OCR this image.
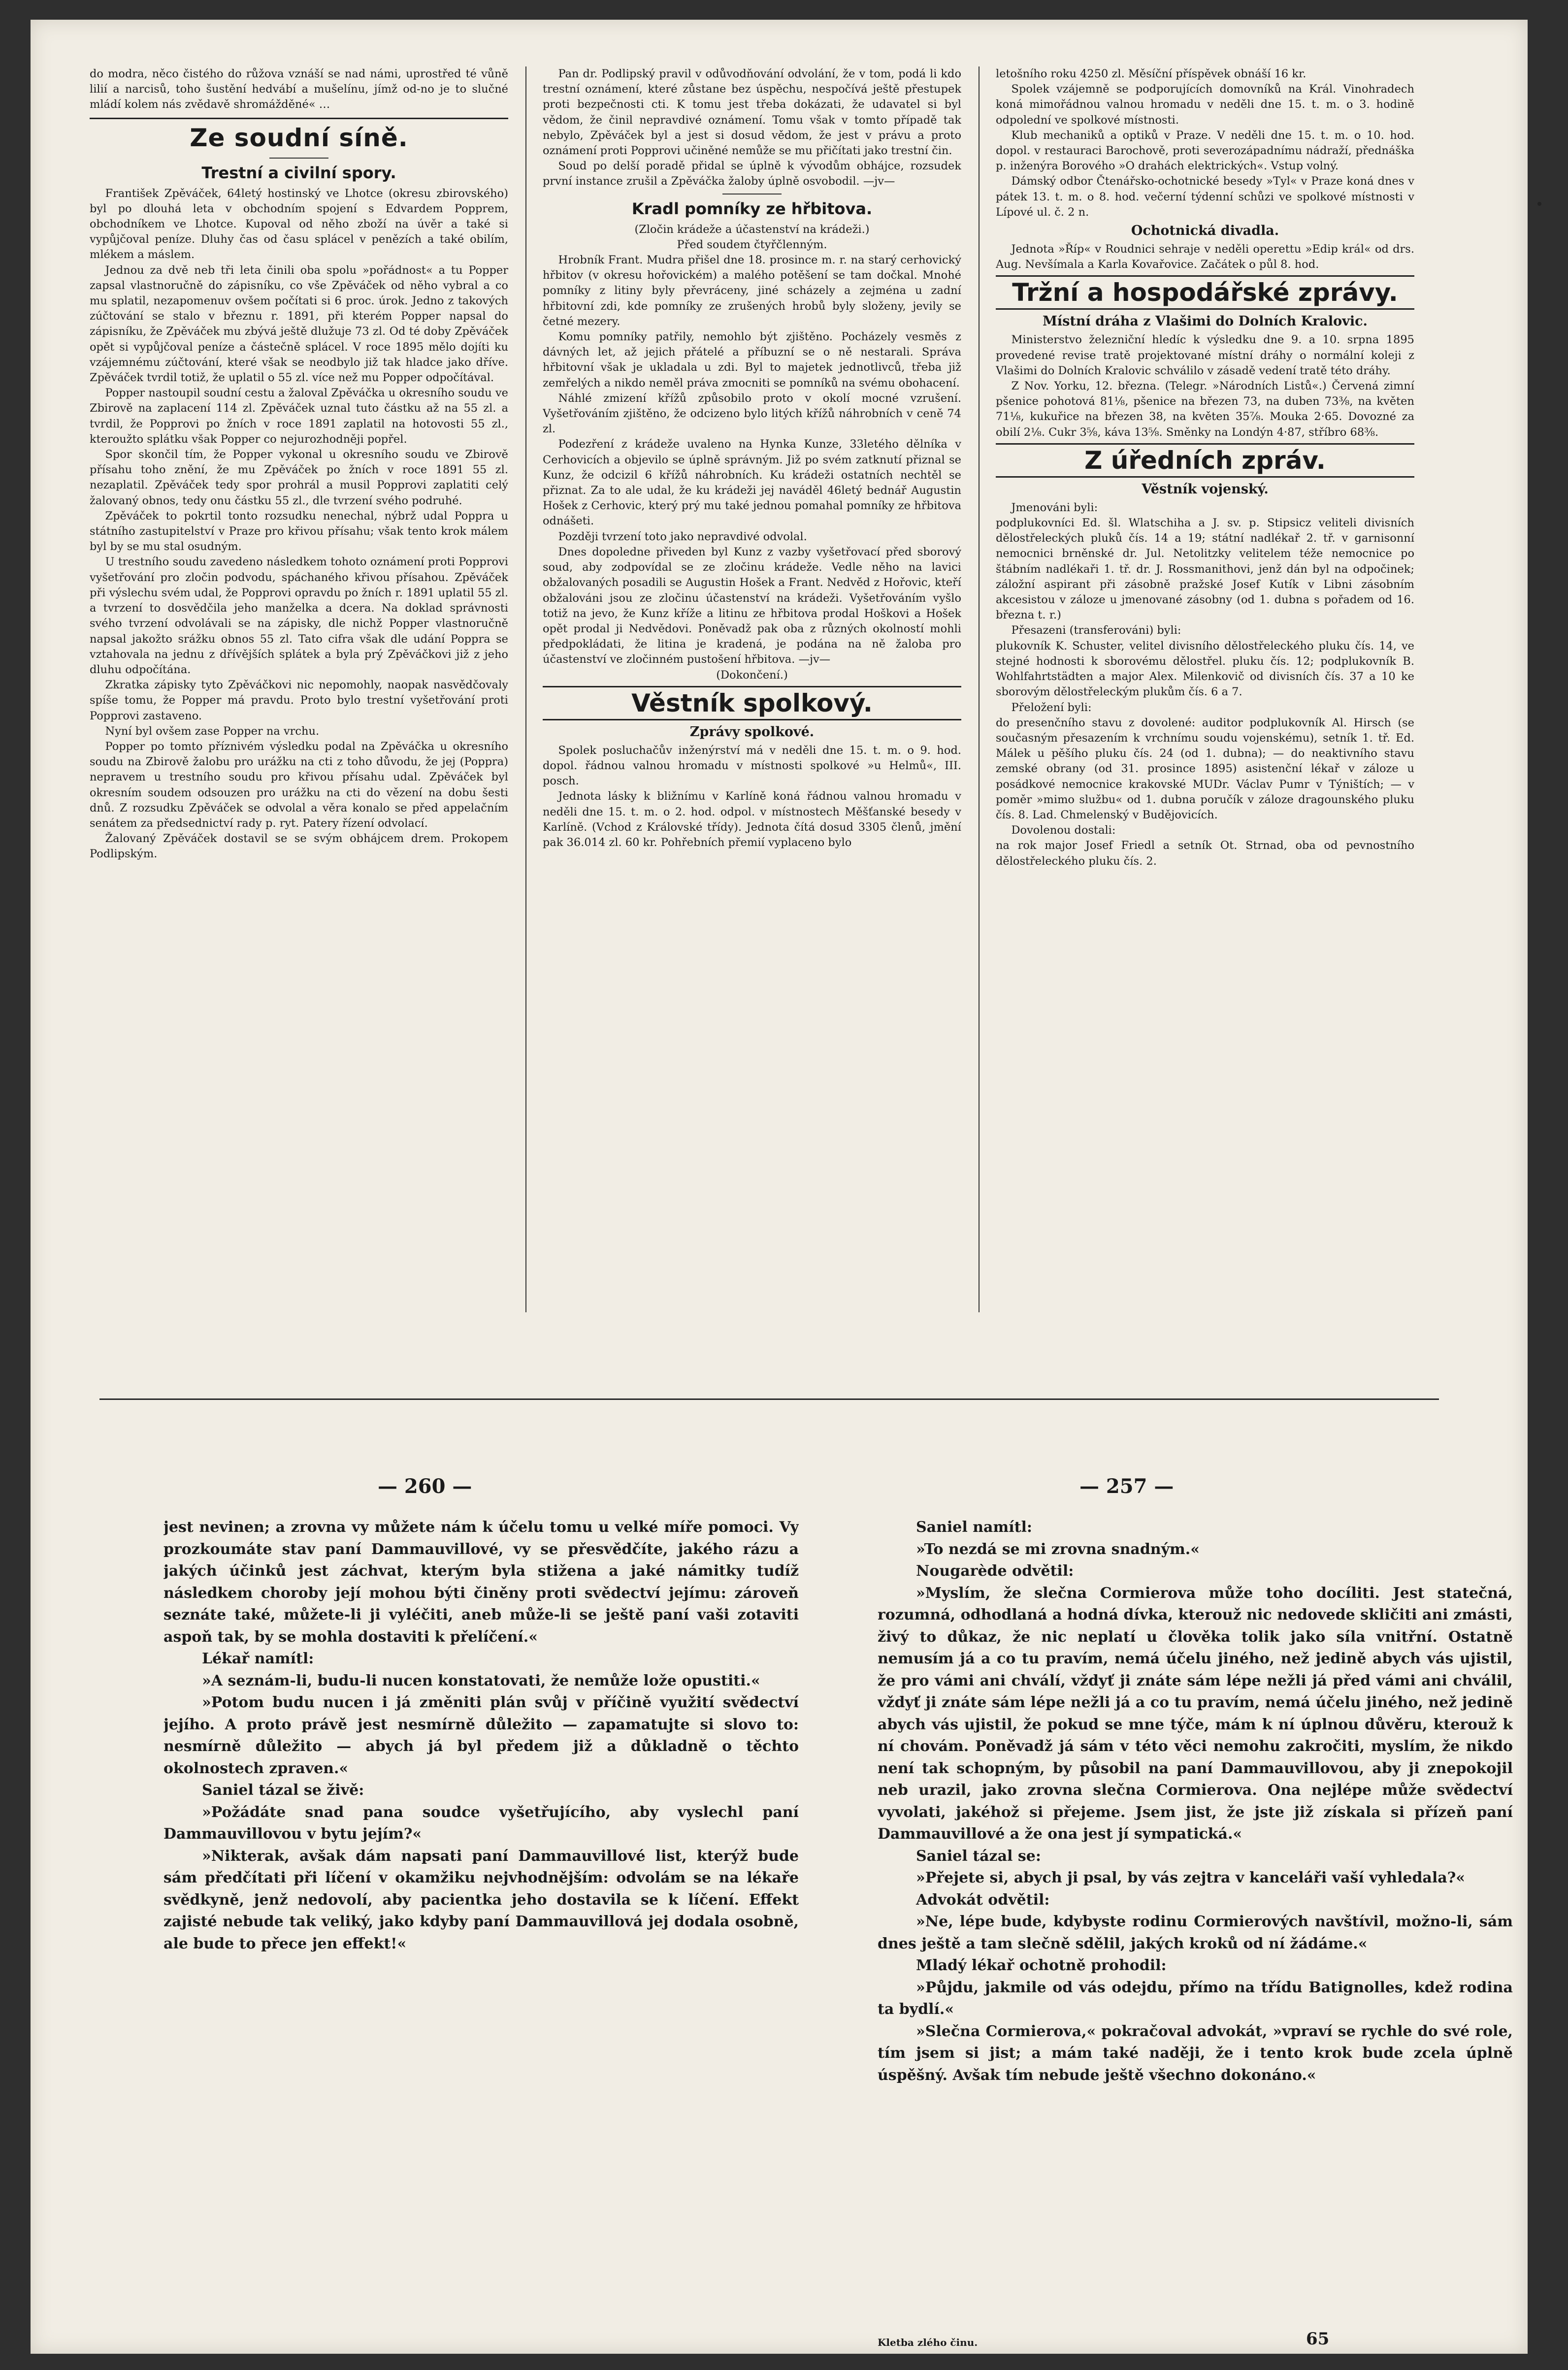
do modra, něco čistého do růžova vznáší se nad námi, uprostřed té vůně lilií a narcisů, toho šustění hedvábí a mušelínu, jímž od-no je to slučné mládí kolem nás zvědavě shromážděné« …

Ze soudní síně.
Trestní a civilní spory.

František Zpěváček, 64letý hostinský ve Lhotce (okresu zbirovského) byl po dlouhá leta v obchodním spojení s Edvardem Popprem, obchodníkem ve Lhotce. Kupoval od něho zboží na úvěr a také si vypůjčoval peníze. Dluhy čas od času splácel v penězích a také obilím, mlékem a máslem.

Jednou za dvě neb tři leta činili oba spolu »pořádnost« a tu Popper zapsal vlastnoručně do zápisníku, co vše Zpěváček od něho vybral a co mu splatil, nezapomenuv ovšem počítati si 6 proc. úrok. Jedno z takových zúčtování se stalo v březnu r. 1891, při kterém Popper napsal do zápisníku, že Zpěváček mu zbývá ještě dlužuje 73 zl. Od té doby Zpěváček opět si vypůjčoval peníze a částečně splácel. V roce 1895 mělo dojíti ku vzájemnému zúčtování, které však se neodbylo již tak hladce jako dříve. Zpěváček tvrdil totiž, že uplatil o 55 zl. více než mu Popper odpočítával.

Popper nastoupil soudní cestu a žaloval Zpěváčka u okresního soudu ve Zbirově na zaplacení 114 zl. Zpěváček uznal tuto částku až na 55 zl. a tvrdil, že Popprovi po žních v roce 1891 zaplatil na hotovosti 55 zl., kteroužto splátku však Popper co nejurozhodněji popřel.

Spor skončil tím, že Popper vykonal u okresního soudu ve Zbirově přísahu toho znění, že mu Zpěváček po žních v roce 1891 55 zl. nezaplatil. Zpěváček tedy spor prohrál a musil Popprovi zaplatiti celý žalovaný obnos, tedy onu částku 55 zl., dle tvrzení svého podruhé.

Zpěváček to pokrtil tonto rozsudku nenechal, nýbrž udal Poppra u státního zastupitelství v Praze pro křivou přísahu; však tento krok málem byl by se mu stal osudným.

U trestního soudu zavedeno následkem tohoto oznámení proti Popprovi vyšetřování pro zločin podvodu, spáchaného křivou přísahou. Zpěváček při výslechu svém udal, že Popprovi opravdu po žních r. 1891 uplatil 55 zl. a tvrzení to dosvědčila jeho manželka a dcera. Na doklad správnosti svého tvrzení odvolávali se na zápisky, dle nichž Popper vlastnoručně napsal jakožto srážku obnos 55 zl. Tato cifra však dle udání Poppra se vztahovala na jednu z dřívějších splátek a byla prý Zpěváčkovi již z jeho dluhu odpočítána.

Zkratka zápisky tyto Zpěváčkovi nic nepomohly, naopak nasvědčovaly spíše tomu, že Popper má pravdu. Proto bylo trestní vyšetřování proti Popprovi zastaveno.

Nyní byl ovšem zase Popper na vrchu.

Popper po tomto příznivém výsledku podal na Zpěváčka u okresního soudu na Zbirově žalobu pro urážku na cti z toho důvodu, že jej (Poppra) nepravem u trestního soudu pro křivou přísahu udal. Zpěváček byl okresním soudem odsouzen pro urážku na cti do vězení na dobu šesti dnů. Z rozsudku Zpěváček se odvolal a věra konalo se před appelačním senátem za předsednictví rady p. ryt. Patery řízení odvolací.

Žalovaný Zpěváček dostavil se se svým obhájcem drem. Prokopem Podlipským.

Pan dr. Podlipský pravil v odůvodňování odvolání, že v tom, podá li kdo trestní oznámení, které zůstane bez úspěchu, nespočívá ještě přestupek proti bezpečnosti cti. K tomu jest třeba dokázati, že udavatel si byl vědom, že činil nepravdivé oznámení. Tomu však v tomto případě tak nebylo, Zpěváček byl a jest si dosud vědom, že jest v právu a proto oznámení proti Popprovi učiněné nemůže se mu přičítati jako trestní čin.

Soud po delší poradě přidal se úplně k vývodům obhájce, rozsudek první instance zrušil a Zpěváčka žaloby úplně osvobodil. —jv—

Kradl pomníky ze hřbitova.
(Zločin krádeže a účastenství na krádeži.)
Před soudem čtyřčlenným.

Hrobník Frant. Mudra přišel dne 18. prosince m. r. na starý cerhovický hřbitov (v okresu hořovickém) a malého potěšení se tam dočkal. Mnohé pomníky z litiny byly převráceny, jiné scházely a zejména u zadní hřbitovní zdi, kde pomníky ze zrušených hrobů byly složeny, jevily se četné mezery.

Komu pomníky patřily, nemohlo být zjištěno. Pocházely vesměs z dávných let, až jejich přátelé a příbuzní se o ně nestarali. Správa hřbitovní však je ukladala u zdi. Byl to majetek jednotlivců, třeba již zemřelých a nikdo neměl práva zmocniti se pomníků na svému obohacení.

Náhlé zmizení křížů způsobilo proto v okolí mocné vzrušení. Vyšetřováním zjištěno, že odcizeno bylo litých křížů náhrobních v ceně 74 zl.

Podezření z krádeže uvaleno na Hynka Kunze, 33letého dělníka v Cerhovicích a objevilo se úplně správným. Již po svém zatknutí přiznal se Kunz, že odcizil 6 křížů náhrobních. Ku krádeži ostatních nechtěl se přiznat. Za to ale udal, že ku krádeži jej naváděl 46letý bednář Augustin Hošek z Cerhovic, který prý mu také jednou pomahal pomníky ze hřbitova odnášeti.

Později tvrzení toto jako nepravdivé odvolal.

Dnes dopoledne přiveden byl Kunz z vazby vyšetřovací před sborový soud, aby zodpovídal se ze zločinu krádeže. Vedle něho na lavici obžalovaných posadili se Augustin Hošek a Frant. Nedvěd z Hořovic, kteří obžalováni jsou ze zločinu účastenství na krádeži. Vyšetřováním vyšlo totiž na jevo, že Kunz kříže a litinu ze hřbitova prodal Hoškovi a Hošek opět prodal ji Nedvědovi. Poněvadž pak oba z různých okolností mohli předpokládati, že litina je kradená, je podána na ně žaloba pro účastenství ve zločinném pustošení hřbitova. —jv—

(Dokončení.)
Věstník spolkový.
Zprávy spolkové.

Spolek posluchačův inženýrství má v neděli dne 15. t. m. o 9. hod. dopol. řádnou valnou hromadu v místnosti spolkové »u Helmů«, III. posch.

Jednota lásky k bližnímu v Karlíně koná řádnou valnou hromadu v neděli dne 15. t. m. o 2. hod. odpol. v místnostech Měšťanské besedy v Karlíně. (Vchod z Královské třídy). Jednota čítá dosud 3305 členů, jmění pak 36.014 zl. 60 kr. Pohřebních přemií vyplaceno bylo

letošního roku 4250 zl. Měsíční příspěvek obnáší 16 kr.

Spolek vzájemně se podporujících domovníků na Král. Vinohradech koná mimořádnou valnou hromadu v neděli dne 15. t. m. o 3. hodině odpolední ve spolkové místnosti.

Klub mechaniků a optiků v Praze. V neděli dne 15. t. m. o 10. hod. dopol. v restauraci Barochově, proti severozápadnímu nádraží, přednáška p. inženýra Borového »O drahách elektrických«. Vstup volný.

Dámský odbor Čtenářsko-ochotnické besedy »Tyl« v Praze koná dnes v pátek 13. t. m. o 8. hod. večerní týdenní schůzi ve spolkové místnosti v Lípové ul. č. 2 n.

Ochotnická divadla.

Jednota »Říp« v Roudnici sehraje v neděli operettu »Edip král« od drs. Aug. Nevšímala a Karla Kovařovice. Začátek o půl 8. hod.

Tržní a hospodářské zprávy.
Místní dráha z Vlašimi do Dolních Kralovic.

Ministerstvo železniční hledíc k výsledku dne 9. a 10. srpna 1895 provedené revise tratě projektované místní dráhy o normální koleji z Vlašimi do Dolních Kralovic schválilo v zásadě vedení tratě této dráhy.

Z Nov. Yorku, 12. března. (Telegr. »Národních Listů«.) Červená zimní pšenice pohotová 81⅛, pšenice na březen 73, na duben 73⅜, na květen 71⅛, kukuřice na březen 38, na květen 35⅞. Mouka 2·65. Dovozné za obilí 2⅛. Cukr 3⅝, káva 13⅝. Směnky na Londýn 4·87, stříbro 68⅜.

Z úředních zpráv.
Věstník vojenský.

Jmenováni byli:

podplukovníci Ed. šl. Wlatschiha a J. sv. p. Stipsicz veliteli divisních dělostřeleckých pluků čís. 14 a 19; státní nadlékař 2. tř. v garnisonní nemocnici brněnské dr. Jul. Netolitzky velitelem téže nemocnice po štábním nadlékaři 1. tř. dr. J. Rossmanithovi, jenž dán byl na odpočinek; záložní aspirant při zásobně pražské Josef Kutík v Libni zásobním akcesistou v záloze u jmenované zásobny (od 1. dubna s pořadem od 16. března t. r.)

Přesazeni (transferováni) byli:

plukovník K. Schuster, velitel divisního dělostřeleckého pluku čís. 14, ve stejné hodnosti k sborovému dělostřel. pluku čís. 12; podplukovník B. Wohlfahrtstädten a major Alex. Milenkovič od divisních čís. 37 a 10 ke sborovým dělostřeleckým plukům čís. 6 a 7.

Přeložení byli:

do presenčního stavu z dovolené: auditor podplukovník Al. Hirsch (se současným přesazením k vrchnímu soudu vojenskému), setník 1. tř. Ed. Málek u pěšího pluku čís. 24 (od 1. dubna); — do neaktivního stavu zemské obrany (od 31. prosince 1895) asistenční lékař v záloze u posádkové nemocnice krakovské MUDr. Václav Pumr v Týništích; — v poměr »mimo službu« od 1. dubna poručík v záloze dragounského pluku čís. 8. Lad. Chmelenský v Budějovicích.

Dovolenou dostali:

na rok major Josef Friedl a setník Ot. Strnad, oba od pevnostního dělostřeleckého pluku čís. 2.

— 260 —	— 257 —

jest nevinen; a zrovna vy můžete nám k účelu tomu u velké míře pomoci. Vy prozkoumáte stav paní Dammauvillové, vy se přesvědčíte, jakého rázu a jakých účinků jest záchvat, kterým byla stižena a jaké námitky tudíž následkem choroby její mohou býti činěny proti svědectví jejímu: zároveň seznáte také, můžete-li ji vyléčiti, aneb může-li se ještě paní vaši zotaviti aspoň tak, by se mohla dostaviti k přelíčení.«

Lékař namítl:

»A seznám-li, budu-li nucen konstatovati, že nemůže lože opustiti.«

»Potom budu nucen i já změniti plán svůj v příčině využití svědectví jejího. A proto právě jest nesmírně důležito — zapamatujte si slovo to: nesmírně důležito — abych já byl předem již a důkladně o těchto okolnostech zpraven.«

Saniel tázal se živě:

»Požádáte snad pana soudce vyšetřujícího, aby vyslechl paní Dammauvillovou v bytu jejím?«

»Nikterak, avšak dám napsati paní Dammauvillové list, kterýž bude sám předčítati při líčení v okamžiku nejvhodnějším: odvolám se na lékaře svědkyně, jenž nedovolí, aby pacientka jeho dostavila se k líčení. Effekt zajisté nebude tak veliký, jako kdyby paní Dammauvillová jej dodala osobně, ale bude to přece jen effekt!«

Saniel namítl:

»To nezdá se mi zrovna snadným.«

Nougarède odvětil:

»Myslím, že slečna Cormierova může toho docíliti. Jest statečná, rozumná, odhodlaná a hodná dívka, kterouž nic nedovede skličiti ani zmásti, živý to důkaz, že nic neplatí u člověka tolik jako síla vnitřní. Ostatně nemusím já a co tu pravím, nemá účelu jiného, než jedině abych vás ujistil, že pro vámi ani chválí, vždyť ji znáte sám lépe nežli já před vámi ani chválil, vždyť ji znáte sám lépe nežli já a co tu pravím, nemá účelu jiného, než jedině abych vás ujistil, že pokud se mne týče, mám k ní úplnou důvěru, kterouž k ní chovám. Poněvadž já sám v této věci nemohu zakročiti, myslím, že nikdo není tak schopným, by působil na paní Dammauvillovou, aby ji znepokojil neb urazil, jako zrovna slečna Cormierova. Ona nejlépe může svědectví vyvolati, jakéhož si přejeme. Jsem jist, že jste již získala si přízeň paní Dammauvillové a že ona jest jí sympatická.«

Saniel tázal se:

»Přejete si, abych ji psal, by vás zejtra v kanceláři vaší vyhledala?«

Advokát odvětil:

»Ne, lépe bude, kdybyste rodinu Cormierových navštívil, možno-li, sám dnes ještě a tam slečně sdělil, jakých kroků od ní žádáme.«

Mladý lékař ochotně prohodil:

»Půjdu, jakmile od vás odejdu, přímo na třídu Batignolles, kdež rodina ta bydlí.«

»Slečna Cormierova,« pokračoval advokát, »vpraví se rychle do své role, tím jsem si jist; a mám také naději, že i tento krok bude zcela úplně úspěšný. Avšak tím nebude ještě všechno dokonáno.«

Kletba zlého činu.	65
